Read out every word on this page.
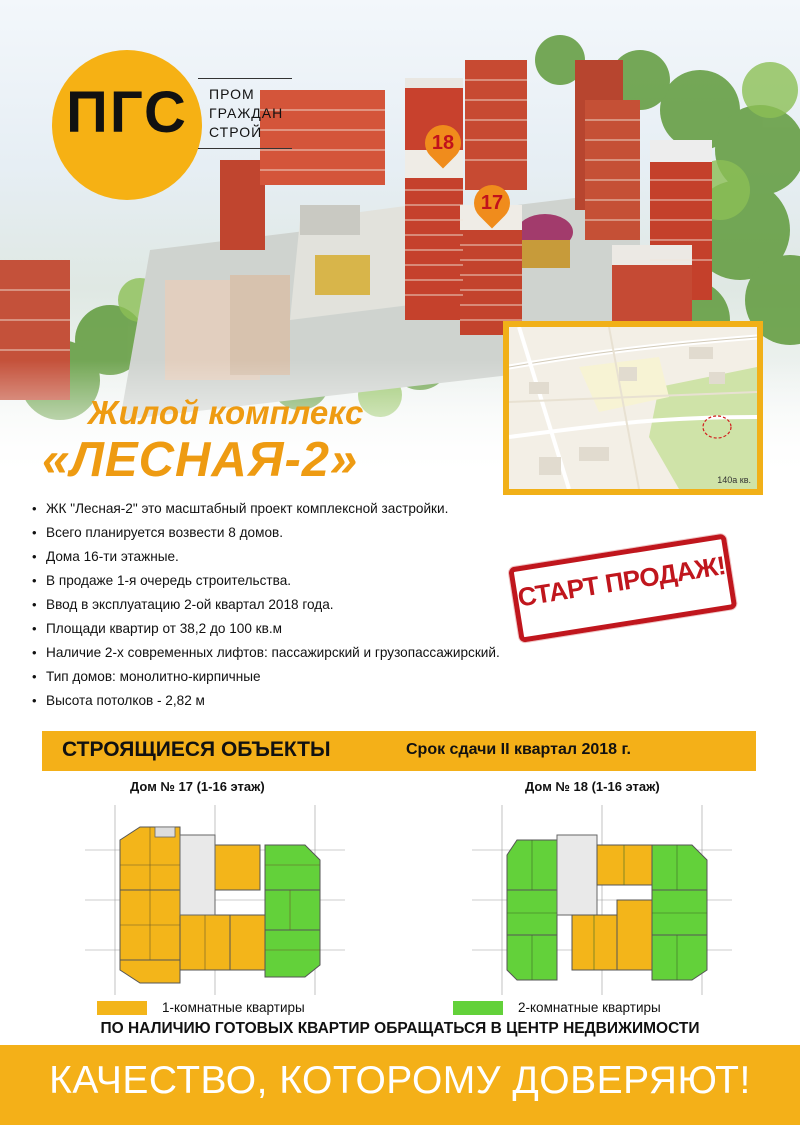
ПГС	ПРОМ
ГРАЖДАН
СТРОЙ	18
17
140а кв.
Жилой комплекс
«ЛЕСНАЯ-2»
• ЖК "Лесная-2" это масштабный проект комплексной застройки.
• Всего планируется возвести 8 домов.
• Дома 16-ти этажные.
• В продаже 1-я очередь строительства.
• Ввод в эксплуатацию 2-ой квартал 2018 года.
• Площади квартир от 38,2 до 100 кв.м
• Наличие 2-х современных лифтов: пассажирский и грузопассажирский.
• Тип домов: монолитно-кирпичные
• Высота потолков - 2,82 м
СТАРТ ПРОДАЖ!
СТРОЯЩИЕСЯ ОБЪЕКТЫ	Срок сдачи II квартал 2018 г.
Дом № 17 (1-16 этаж)	Дом № 18 (1-16 этаж)
1-комнатные квартиры	2-комнатные квартиры
ПО НАЛИЧИЮ ГОТОВЫХ КВАРТИР ОБРАЩАТЬСЯ В ЦЕНТР НЕДВИЖИМОСТИ
КАЧЕСТВО, КОТОРОМУ ДОВЕРЯЮТ!
